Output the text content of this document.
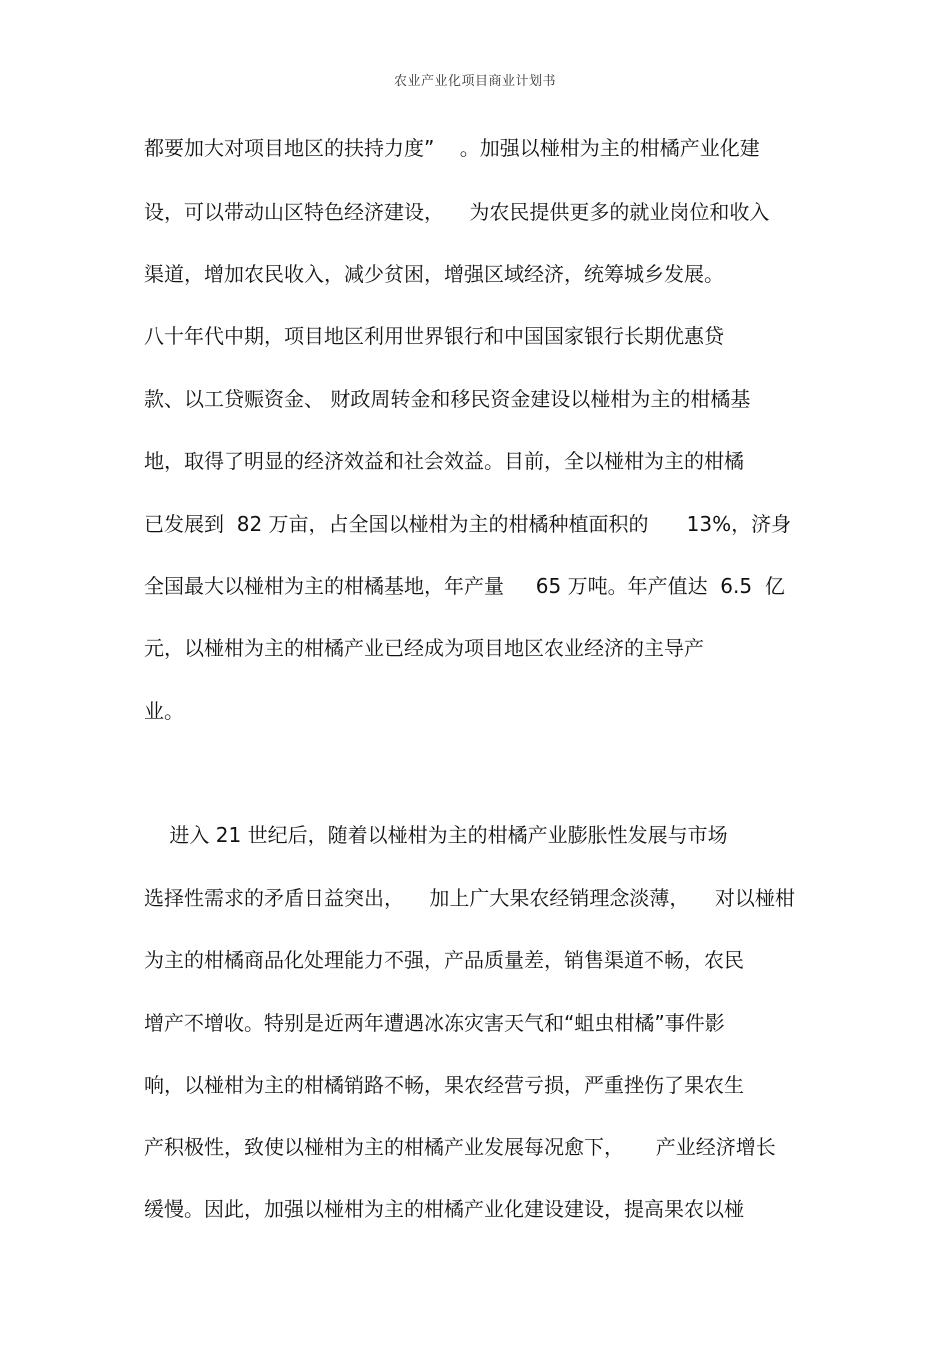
农业产业化项目商业计划书
都要加大对项目地区的扶持力度”    。加强以椪柑为主的柑橘产业化建
设，可以带动山区特色经济建设，    为农民提供更多的就业岗位和收入
渠道，增加农民收入，减少贫困，增强区域经济，统筹城乡发展。
八十年代中期，项目地区利用世界银行和中国国家银行长期优惠贷
款、以工贷赈资金、 财政周转金和移民资金建设以椪柑为主的柑橘基
地，取得了明显的经济效益和社会效益。目前，全以椪柑为主的柑橘
已发展到  82 万亩，占全国以椪柑为主的柑橘种植面积的      13%，济身
全国最大以椪柑为主的柑橘基地，年产量     65 万吨。年产值达  6.5  亿
元，以椪柑为主的柑橘产业已经成为项目地区农业经济的主导产
业。
进入 21 世纪后，随着以椪柑为主的柑橘产业膨胀性发展与市场
选择性需求的矛盾日益突出，    加上广大果农经销理念淡薄，    对以椪柑
为主的柑橘商品化处理能力不强，产品质量差，销售渠道不畅，农民
增产不增收。特别是近两年遭遇冰冻灾害天气和“蛆虫柑橘”事件影
响，以椪柑为主的柑橘销路不畅，果农经营亏损，严重挫伤了果农生
产积极性，致使以椪柑为主的柑橘产业发展每况愈下，     产业经济增长
缓慢。因此，加强以椪柑为主的柑橘产业化建设建设，提高果农以椪
